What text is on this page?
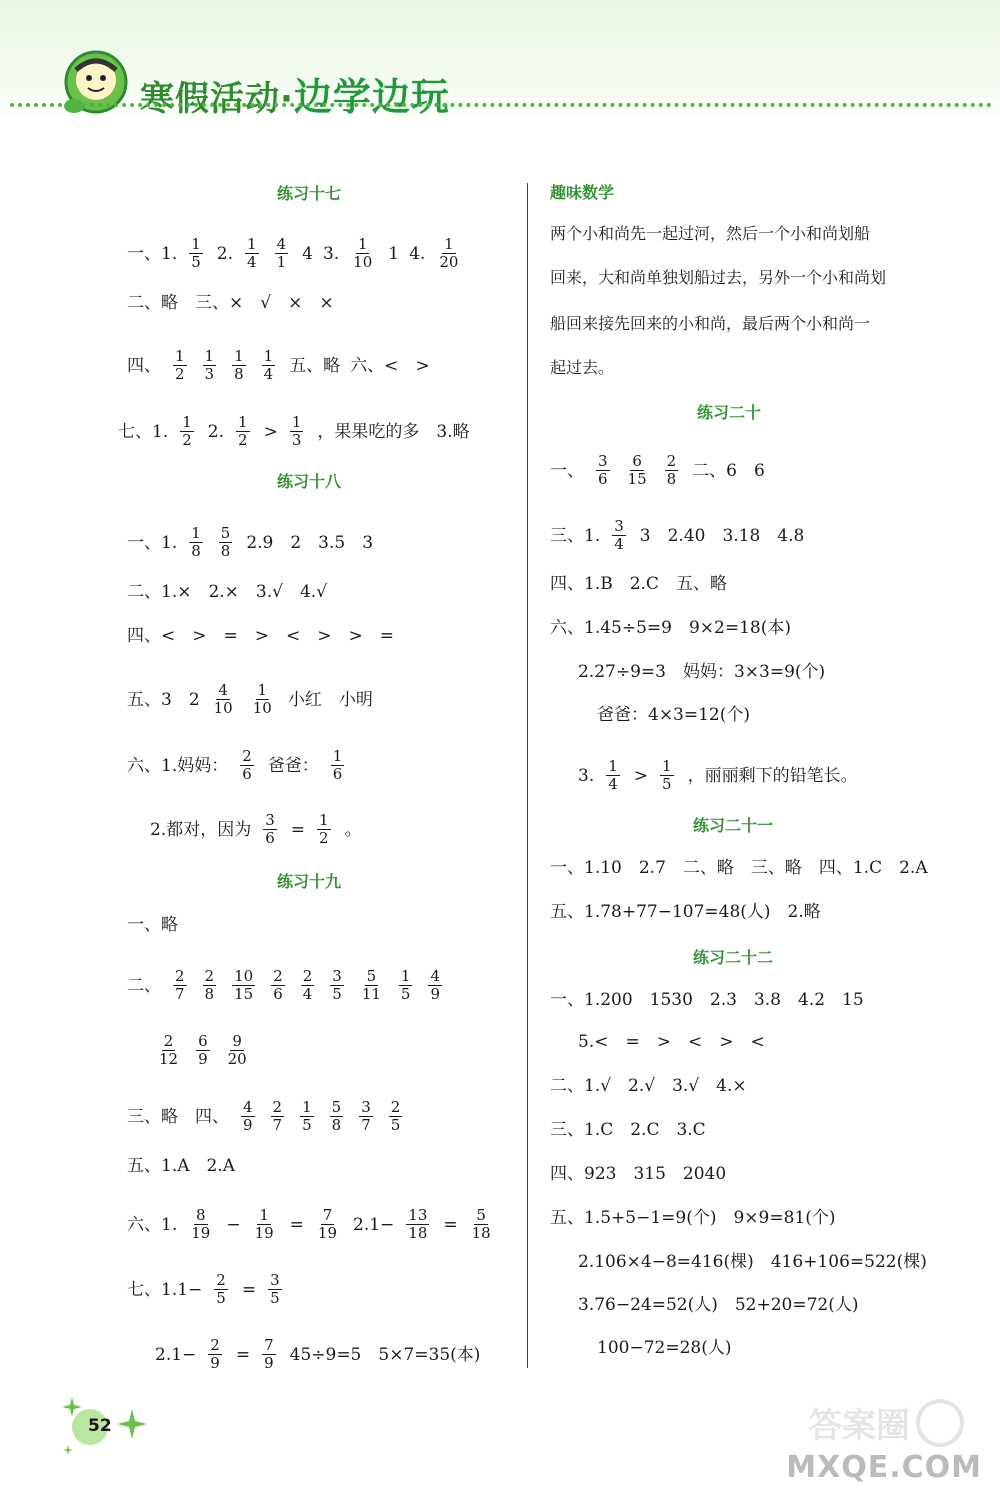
寒假活动·边学边玩
练习十七
一、1. $\frac{1}{5} 2$. $\frac{1}{4} \frac{4}{1} 4$ 3. $\frac{1}{10} 1$ 4. $\frac{1}{20}$
二、略　三、×　√　×　×
四、 $\frac{1}{2} \frac{1}{3} \frac{1}{8} \frac{1}{4}$ 五、略 六、<　>
七、1. $\frac{1}{2} 2$. $\frac{1}{2} > \frac{1}{3}$ ，果果吃的多　3.略
练习十八
一、1. $\frac{1}{8} \frac{5}{8} 2.9$　2　3.5　3
二、1.×　2.×　3.√　4.√
四、<　>　=　>　<　>　>　=
五、3　$2 \frac{4}{10} \frac{1}{10}$ 小红　小明
六、1.妈妈： $\frac{2}{6}$ 爸爸： $\frac{1}{6}$
2.都对，因为 $\frac{3}{6} = \frac{1}{2}$ 。
练习十九
一、略
二、 $\frac{2}{7} \frac{2}{8} \frac{10}{15} \frac{2}{6} \frac{2}{4} \frac{3}{5} \frac{5}{11} \frac{1}{5} \frac{4}{9}$
$\frac{2}{12} \frac{6}{9} \frac{9}{20}$
三、略　四、 $\frac{4}{9} \frac{2}{7} \frac{1}{5} \frac{5}{8} \frac{3}{7} \frac{2}{5}$
五、1.A　2.A
六、1. $\frac{8}{19} - \frac{1}{19} = \frac{7}{19} 2.1- \frac{13}{18} = \frac{5}{18}$
七、$1.1- \frac{2}{5} = \frac{3}{5}$
$2.1- \frac{2}{9} = \frac{7}{9} 45\div 9=5$　5×7=35(本)
趣味数学
两个小和尚先一起过河，然后一个小和尚划船
回来，大和尚单独划船过去，另外一个小和尚划
船回来接先回来的小和尚，最后两个小和尚一
起过去。
练习二十
一、 $\frac{3}{6} \frac{6}{15} \frac{2}{8}$ 二、6　6
三、1. $\frac{3}{4} 3$　2.40　3.18　4.8
四、1.B　2.C　五、略
六、1.45÷5=9　9×2=18(本)
2.27÷9=3　妈妈：3×3=9(个)
爸爸：4×3=12(个)
3. $\frac{1}{4} > \frac{1}{5}$ ，丽丽剩下的铅笔长。
练习二十一
一、1.10　2.7　二、略　三、略　四、1.C　2.A
五、1.78+77−107=48(人)　2.略
练习二十二
一、1.200　1530　2.3　3.8　4.2　15
5.<　=　>　<　>　<
二、1.√　2.√　3.√　4.×
三、1.C　2.C　3.C
四、923　315　2040
五、1.5+5−1=9(个)　9×9=81(个)
2.106×4−8=416(棵)　416+106=522(棵)
3.76−24=52(人)　52+20=72(人)
100−72=28(人)
52	答案圈
MXQE.COM
